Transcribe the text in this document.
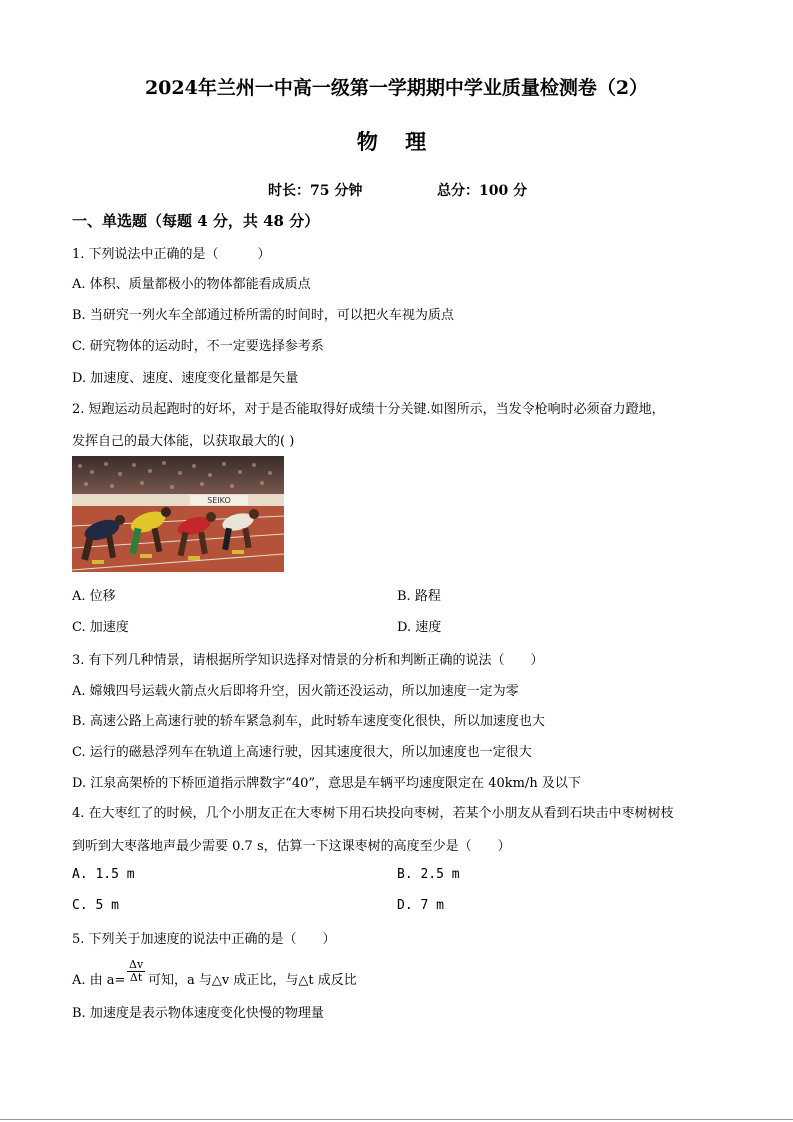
2024年兰州一中高一级第一学期期中学业质量检测卷（2）
物 理
时长：75 分钟	总分：100 分
一、单选题（每题 4 分，共 48 分）
1. 下列说法中正确的是（　　　）
A. 体积、质量都极小的物体都能看成质点
B. 当研究一列火车全部通过桥所需的时间时，可以把火车视为质点
C. 研究物体的运动时，不一定要选择参考系
D. 加速度、速度、速度变化量都是矢量
2. 短跑运动员起跑时的好坏，对于是否能取得好成绩十分关键.如图所示，当发令枪响时必须奋力蹬地，
发挥自己的最大体能，以获取最大的( )
SEIKO
A. 位移	B. 路程
C. 加速度	D. 速度
3. 有下列几种情景，请根据所学知识选择对情景的分析和判断正确的说法（　　）
A. 嫦娥四号运载火箭点火后即将升空，因火箭还没运动，所以加速度一定为零
B. 高速公路上高速行驶的轿车紧急刹车，此时轿车速度变化很快，所以加速度也大
C. 运行的磁悬浮列车在轨道上高速行驶，因其速度很大，所以加速度也一定很大
D. 江泉高架桥的下桥匝道指示牌数字“40”，意思是车辆平均速度限定在 40km/h 及以下
4. 在大枣红了⁠的时候，几个小朋友正在大枣树下用石块投向枣树，若某个小朋友从看到石块击中枣树树枝
到听到大枣落地声最少需要 0.7 s，估算一下这课枣树的高度至少是（　　）
A. 1.5 m	B. 2.5 m
C. 5 m	D. 7 m
5. 下列关于加速度的说法中正确的是（　　）
A. 由 $a= \frac{\Delta v}{\Delta t}$ 可知，a 与△v 成正比，与△t 成反比
B. 加速度是表示物体速度变化快慢的物理量
